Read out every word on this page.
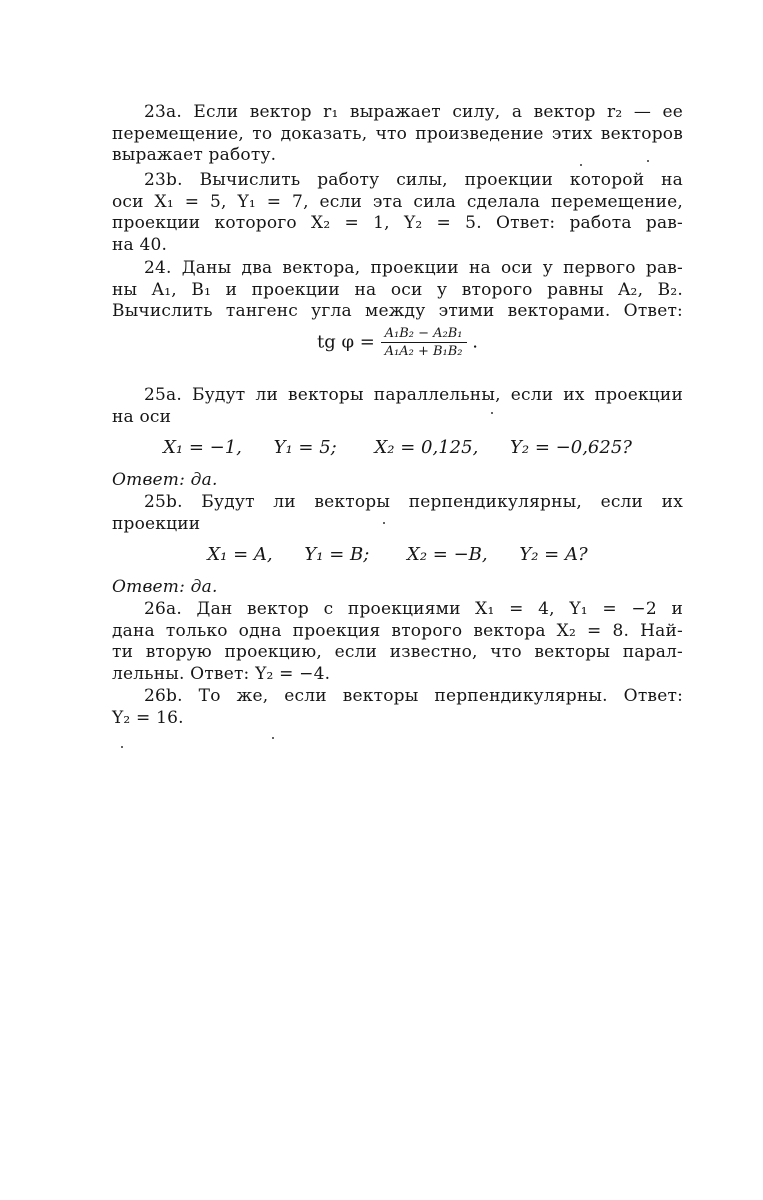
23a. Если вектор r₁ выражает силу, а вектор r₂ — ее
перемещение, то доказать, что произведение этих векторов
выражает работу.
23b. Вычислить работу силы, проекции которой на
оси X₁ = 5, Y₁ = 7, если эта сила сделала перемещение,
проекции которого X₂ = 1, Y₂ = 5. Ответ: работа рав-
на 40.
24. Даны два вектора, проекции на оси у первого рав-
ны A₁, B₁ и проекции на оси у второго равны A₂, B₂.
Вычислить тангенс угла между этими векторами. Ответ:
tg $\varphi = \frac{\text{A₁B₂ − A₂B₁}}{\text{A₁A₂ + B₁B₂}}$ .
25a. Будут ли векторы параллельны, если их проекции
на оси
X₁ = −1, Y₁ = 5; X₂ = 0,125, Y₂ = −0,625?
Ответ: да.
25b. Будут ли векторы перпендикулярны, если их
проекции
X₁ = A, Y₁ = B; X₂ = −B, Y₂ = A?
Ответ: да.
26a. Дан вектор с проекциями X₁ = 4, Y₁ = −2 и
дана только одна проекция второго вектора X₂ = 8. Най-
ти вторую проекцию, если известно, что векторы парал-
лельны. Ответ: Y₂ = −4.
26b. То же, если векторы перпендикулярны. Ответ:
Y₂ = 16.
